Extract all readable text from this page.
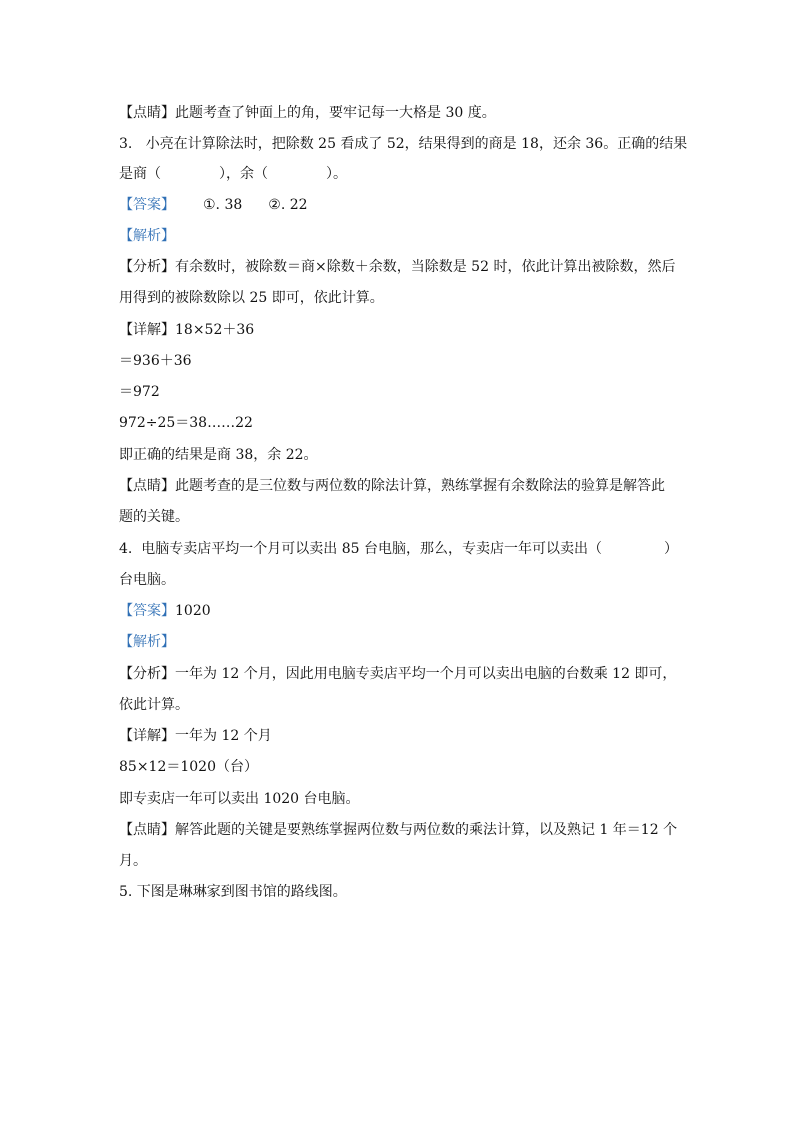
【点睛】此题考查了钟面上的角，要牢记每一大格是 30 度。
3.   小亮在计算除法时，把除数 25 看成了 52，结果得到的商是 18，还余 36。正确的结果
是商（	），余（	）。
【答案】 ①. 38 ②. 22
【解析】
【分析】有余数时，被除数＝商×除数＋余数，当除数是 52 时，依此计算出被除数，然后
用得到的被除数除以 25 即可，依此计算。
【详解】18×52＋36
＝936＋36
＝972
972÷25＝38……22
即正确的结果是商 38，余 22。
【点睛】此题考查的是三位数与两位数的除法计算，熟练掌握有余数除法的验算是解答此
题的关键。
4.  电脑专卖店平均一个月可以卖出 85 台电脑，那么，专卖店一年可以卖出（	）
台电脑。
【答案】1020
【解析】
【分析】一年为 12 个月，因此用电脑专卖店平均一个月可以卖出电脑的台数乘 12 即可，
依此计算。
【详解】一年为 12 个月
85×12＝1020（台）
即专卖店一年可以卖出 1020 台电脑。
【点睛】解答此题的关键是要熟练掌握两位数与两位数的乘法计算，以及熟记 1 年＝12 个
月。
5. 下图是琳琳家到图书馆的路线图。
